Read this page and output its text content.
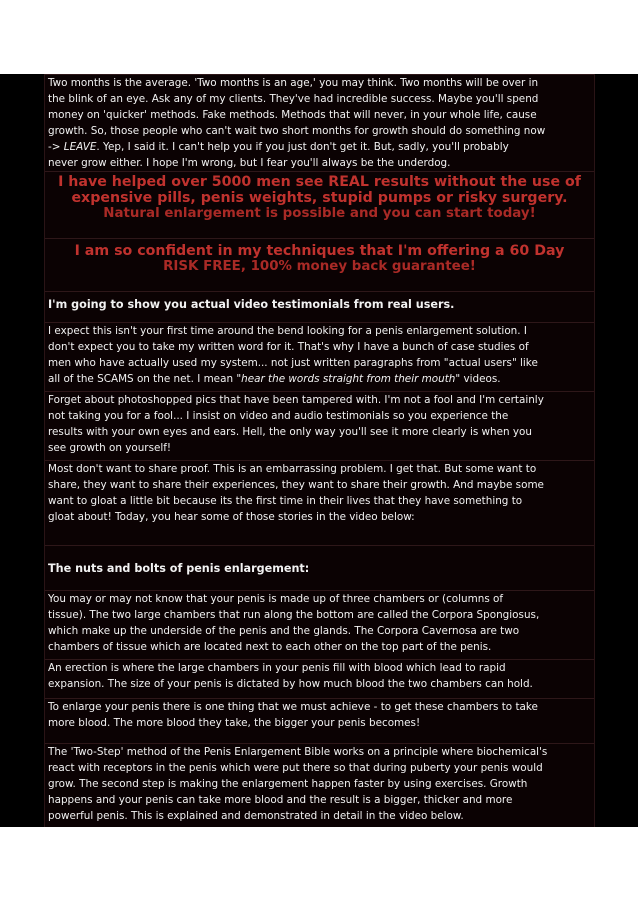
Two months is the average. 'Two months is an age,' you may think. Two months will be over in
the blink of an eye. Ask any of my clients. They've had incredible success. Maybe you'll spend
money on 'quicker' methods. Fake methods. Methods that will never, in your whole life, cause
growth. So, those people who can't wait two short months for growth should do something now
-> LEAVE. Yep, I said it. I can't help you if you just don't get it. But, sadly, you'll probably
never grow either. I hope I'm wrong, but I fear you'll always be the underdog.
I have helped over 5000 men see REAL results without the use of
expensive pills, penis weights, stupid pumps or risky surgery.
Natural enlargement is possible and you can start today!
I am so confident in my techniques that I'm offering a 60 Day
RISK FREE, 100% money back guarantee!
I'm going to show you actual video testimonials from real users.
I expect this isn't your first time around the bend looking for a penis enlargement solution. I
don't expect you to take my written word for it. That's why I have a bunch of case studies of
men who have actually used my system... not just written paragraphs from "actual users" like
all of the SCAMS on the net. I mean "hear the words straight from their mouth" videos.
Forget about photoshopped pics that have been tampered with. I'm not a fool and I'm certainly
not taking you for a fool... I insist on video and audio testimonials so you experience the
results with your own eyes and ears. Hell, the only way you'll see it more clearly is when you
see growth on yourself!
Most don't want to share proof. This is an embarrassing problem. I get that. But some want to
share, they want to share their experiences, they want to share their growth. And maybe some
want to gloat a little bit because its the first time in their lives that they have something to
gloat about! Today, you hear some of those stories in the video below:
The nuts and bolts of penis enlargement:
You may or may not know that your penis is made up of three chambers or (columns of
tissue). The two large chambers that run along the bottom are called the Corpora Spongiosus,
which make up the underside of the penis and the glands. The Corpora Cavernosa are two
chambers of tissue which are located next to each other on the top part of the penis.
An erection is where the large chambers in your penis fill with blood which lead to rapid
expansion. The size of your penis is dictated by how much blood the two chambers can hold.
To enlarge your penis there is one thing that we must achieve - to get these chambers to take
more blood. The more blood they take, the bigger your penis becomes!
The 'Two-Step' method of the Penis Enlargement Bible works on a principle where biochemical's
react with receptors in the penis which were put there so that during puberty your penis would
grow. The second step is making the enlargement happen faster by using exercises. Growth
happens and your penis can take more blood and the result is a bigger, thicker and more
powerful penis. This is explained and demonstrated in detail in the video below.
